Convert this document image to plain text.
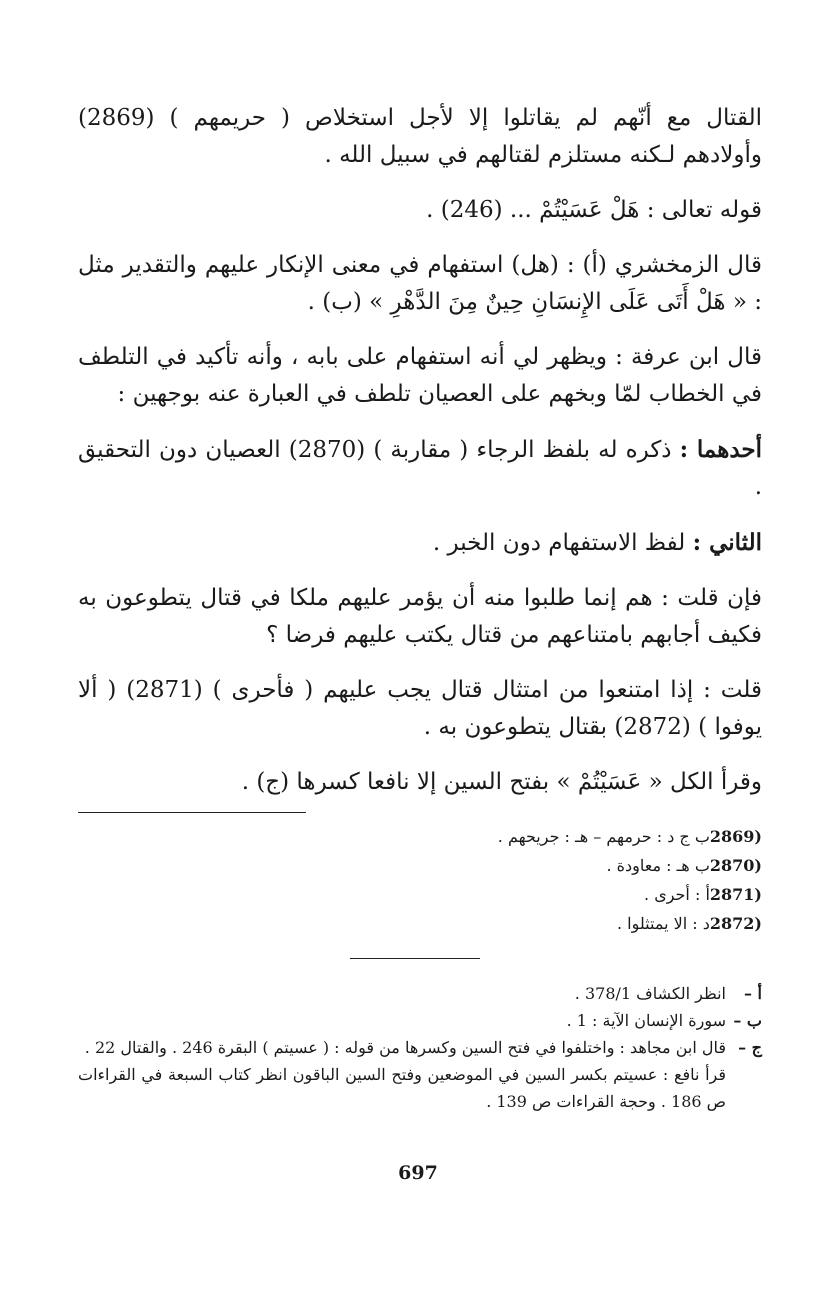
القتال مع أنّهم لم يقاتلوا إلا لأجل استخلاص ( حريمهم ) (2869) وأولادهم لـكنه مستلزم لقتالهم في سبيل الله .

قوله تعالى : هَلْ عَسَيْتُمْ ... (246) .

قال الزمخشري (أ) : (هل) استفهام في معنى الإنكار عليهم والتقدير مثل : « هَلْ أَتَى عَلَى الإِنسَانِ حِينٌ مِنَ الدَّهْرِ » (ب) .

قال ابن عرفة : ويظهر لي أنه استفهام على بابه ، وأنه تأكيد في التلطف في الخطاب لمّا وبخهم على العصيان تلطف في العبارة عنه بوجهين :

أحدهما : ذكره له بلفظ الرجاء ( مقاربة ) (2870) العصيان دون التحقيق .

الثاني : لفظ الاستفهام دون الخبر .

فإن قلت : هم إنما طلبوا منه أن يؤمر عليهم ملكا في قتال يتطوعون به فكيف أجابهم بامتناعهم من قتال يكتب عليهم فرضا ؟

قلت : إذا امتنعوا من امتثال قتال يجب عليهم ( فأحرى ) (2871) ( ألا يوفوا ) (2872) بقتال يتطوعون به .

وقرأ الكل « عَسَيْتُمْ » بفتح السين إلا نافعا كسرها (ج) .

2869)
ب ج د : حرمهم – هـ : جريحهم .
2870)
ب هـ : معاودة .
2871)
أ : أحرى .
2872)
د : الا يمتثلوا .
أ –
انظر الكشاف 378/1 .
ب –
سورة الإنسان الآية : 1 .
ج –
قال ابن مجاهد : واختلفوا في فتح السين وكسرها من قوله : ( عسيتم ) البقرة 246 . والقتال 22 .
قرأ نافع : عسيتم بكسر السين في الموضعين وفتح السين الباقون انظر كتاب السبعة في القراءات ص 186 . وحجة القراءات ص 139 .
697
